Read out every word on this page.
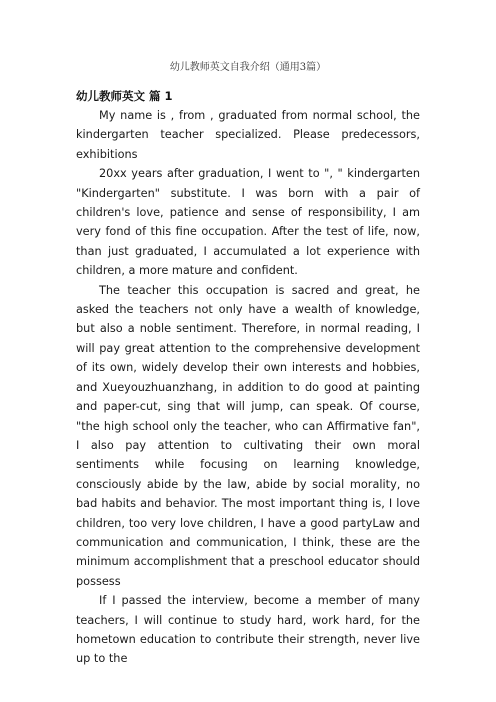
幼儿教师英文自我介绍（通用3篇）
幼儿教师英文 篇 1

My name is , from , graduated from normal school, the kindergarten teacher specialized. Please predecessors, exhibitions

20xx years after graduation, I went to ", " kindergarten "Kindergarten" substitute. I was born with a pair of children's love, patience and sense of responsibility, I am very fond of this fine occupation. After the test of life, now, than just graduated, I accumulated a lot experience with children, a more mature and confident.

The teacher this occupation is sacred and great, he asked the teachers not only have a wealth of knowledge, but also a noble sentiment. Therefore, in normal reading, I will pay great attention to the comprehensive development of its own, widely develop their own interests and hobbies, and Xueyouzhuanzhang, in addition to do good at painting and paper-cut, sing that will jump, can speak. Of course, "the high school only the teacher, who can Affirmative fan", I also pay attention to cultivating their own moral sentiments while focusing on learning knowledge, consciously abide by the law, abide by social morality, no bad habits and behavior. The most important thing is, I love children, too very love children, I have a good partyLaw and communication and communication, I think, these are the minimum accomplishment that a preschool educator should possess

If I passed the interview, become a member of many teachers, I will continue to study hard, work hard, for the hometown education to contribute their strength, never live up to the
